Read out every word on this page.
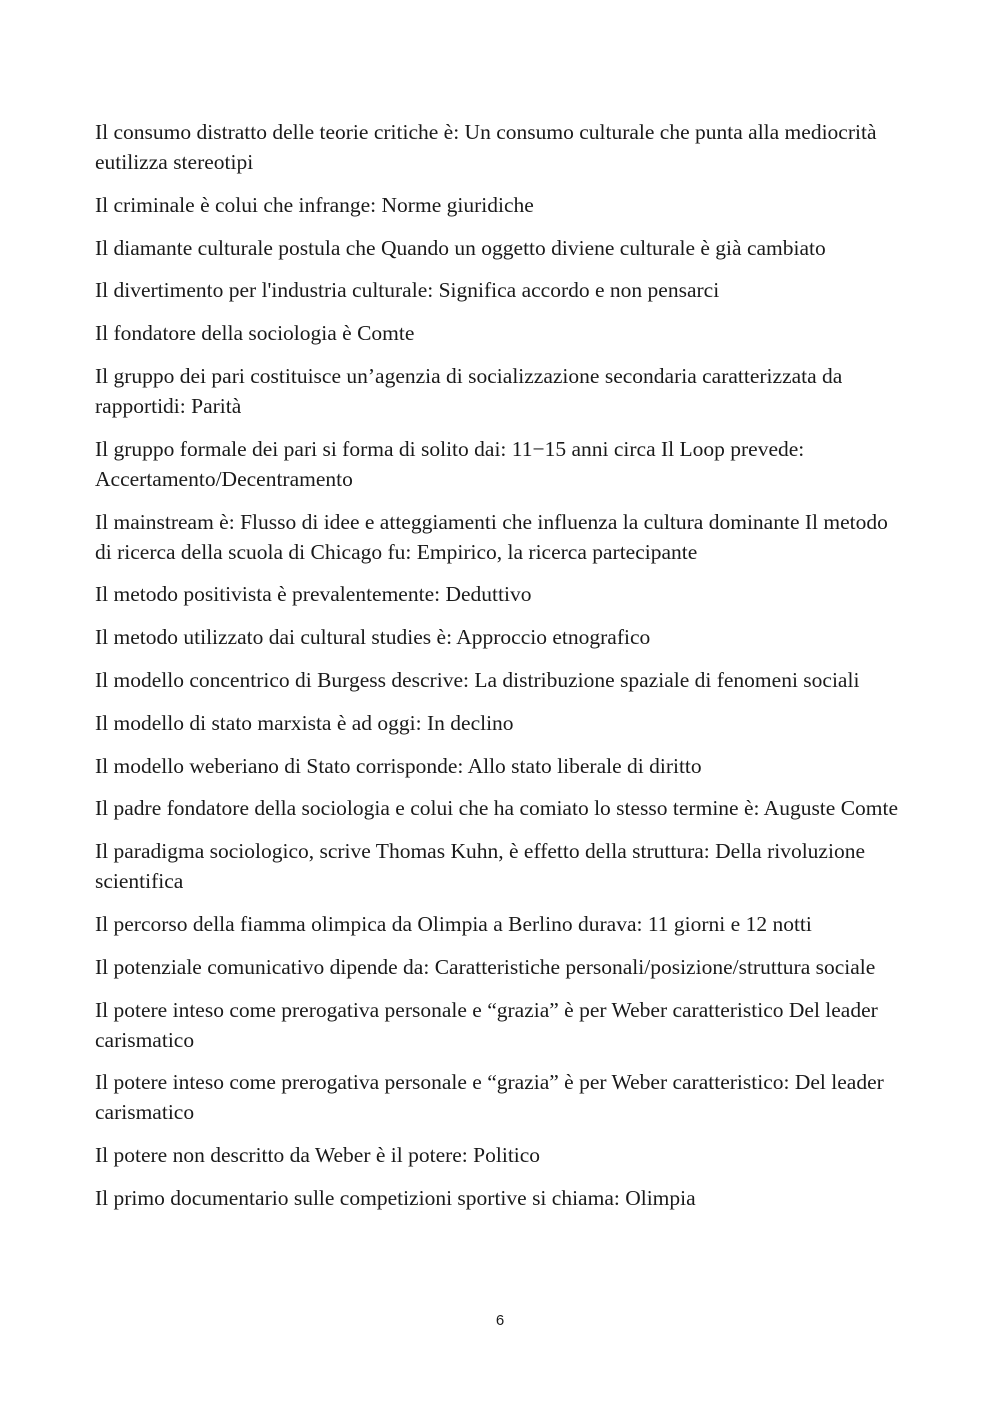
Il consumo distratto delle teorie critiche è: Un consumo culturale che punta alla mediocrità eutilizza stereotipi

Il criminale è colui che infrange: Norme giuridiche

Il diamante culturale postula che Quando un oggetto diviene culturale è già cambiato

Il divertimento per l'industria culturale: Significa accordo e non pensarci

Il fondatore della sociologia è Comte

Il gruppo dei pari costituisce un’agenzia di socializzazione secondaria caratterizzata da rapportidi: Parità

Il gruppo formale dei pari si forma di solito dai: 11−15 anni circa Il Loop prevede: Accertamento/Decentramento

Il mainstream è: Flusso di idee e atteggiamenti che influenza la cultura dominante Il metodo di ricerca della scuola di Chicago fu: Empirico, la ricerca partecipante

Il metodo positivista è prevalentemente: Deduttivo

Il metodo utilizzato dai cultural studies è: Approccio etnografico

Il modello concentrico di Burgess descrive: La distribuzione spaziale di fenomeni sociali

Il modello di stato marxista è ad oggi: In declino

Il modello weberiano di Stato corrisponde: Allo stato liberale di diritto

Il padre fondatore della sociologia e colui che ha comiato lo stesso termine è: Auguste Comte

Il paradigma sociologico, scrive Thomas Kuhn, è effetto della struttura: Della rivoluzione scientifica

Il percorso della fiamma olimpica da Olimpia a Berlino durava: 11 giorni e 12 notti

Il potenziale comunicativo dipende da: Caratteristiche personali/posizione/struttura sociale

Il potere inteso come prerogativa personale e “grazia” è per Weber caratteristico Del leader carismatico

Il potere inteso come prerogativa personale e “grazia” è per Weber caratteristico: Del leader carismatico

Il potere non descritto da Weber è il potere: Politico

Il primo documentario sulle competizioni sportive si chiama: Olimpia

6
